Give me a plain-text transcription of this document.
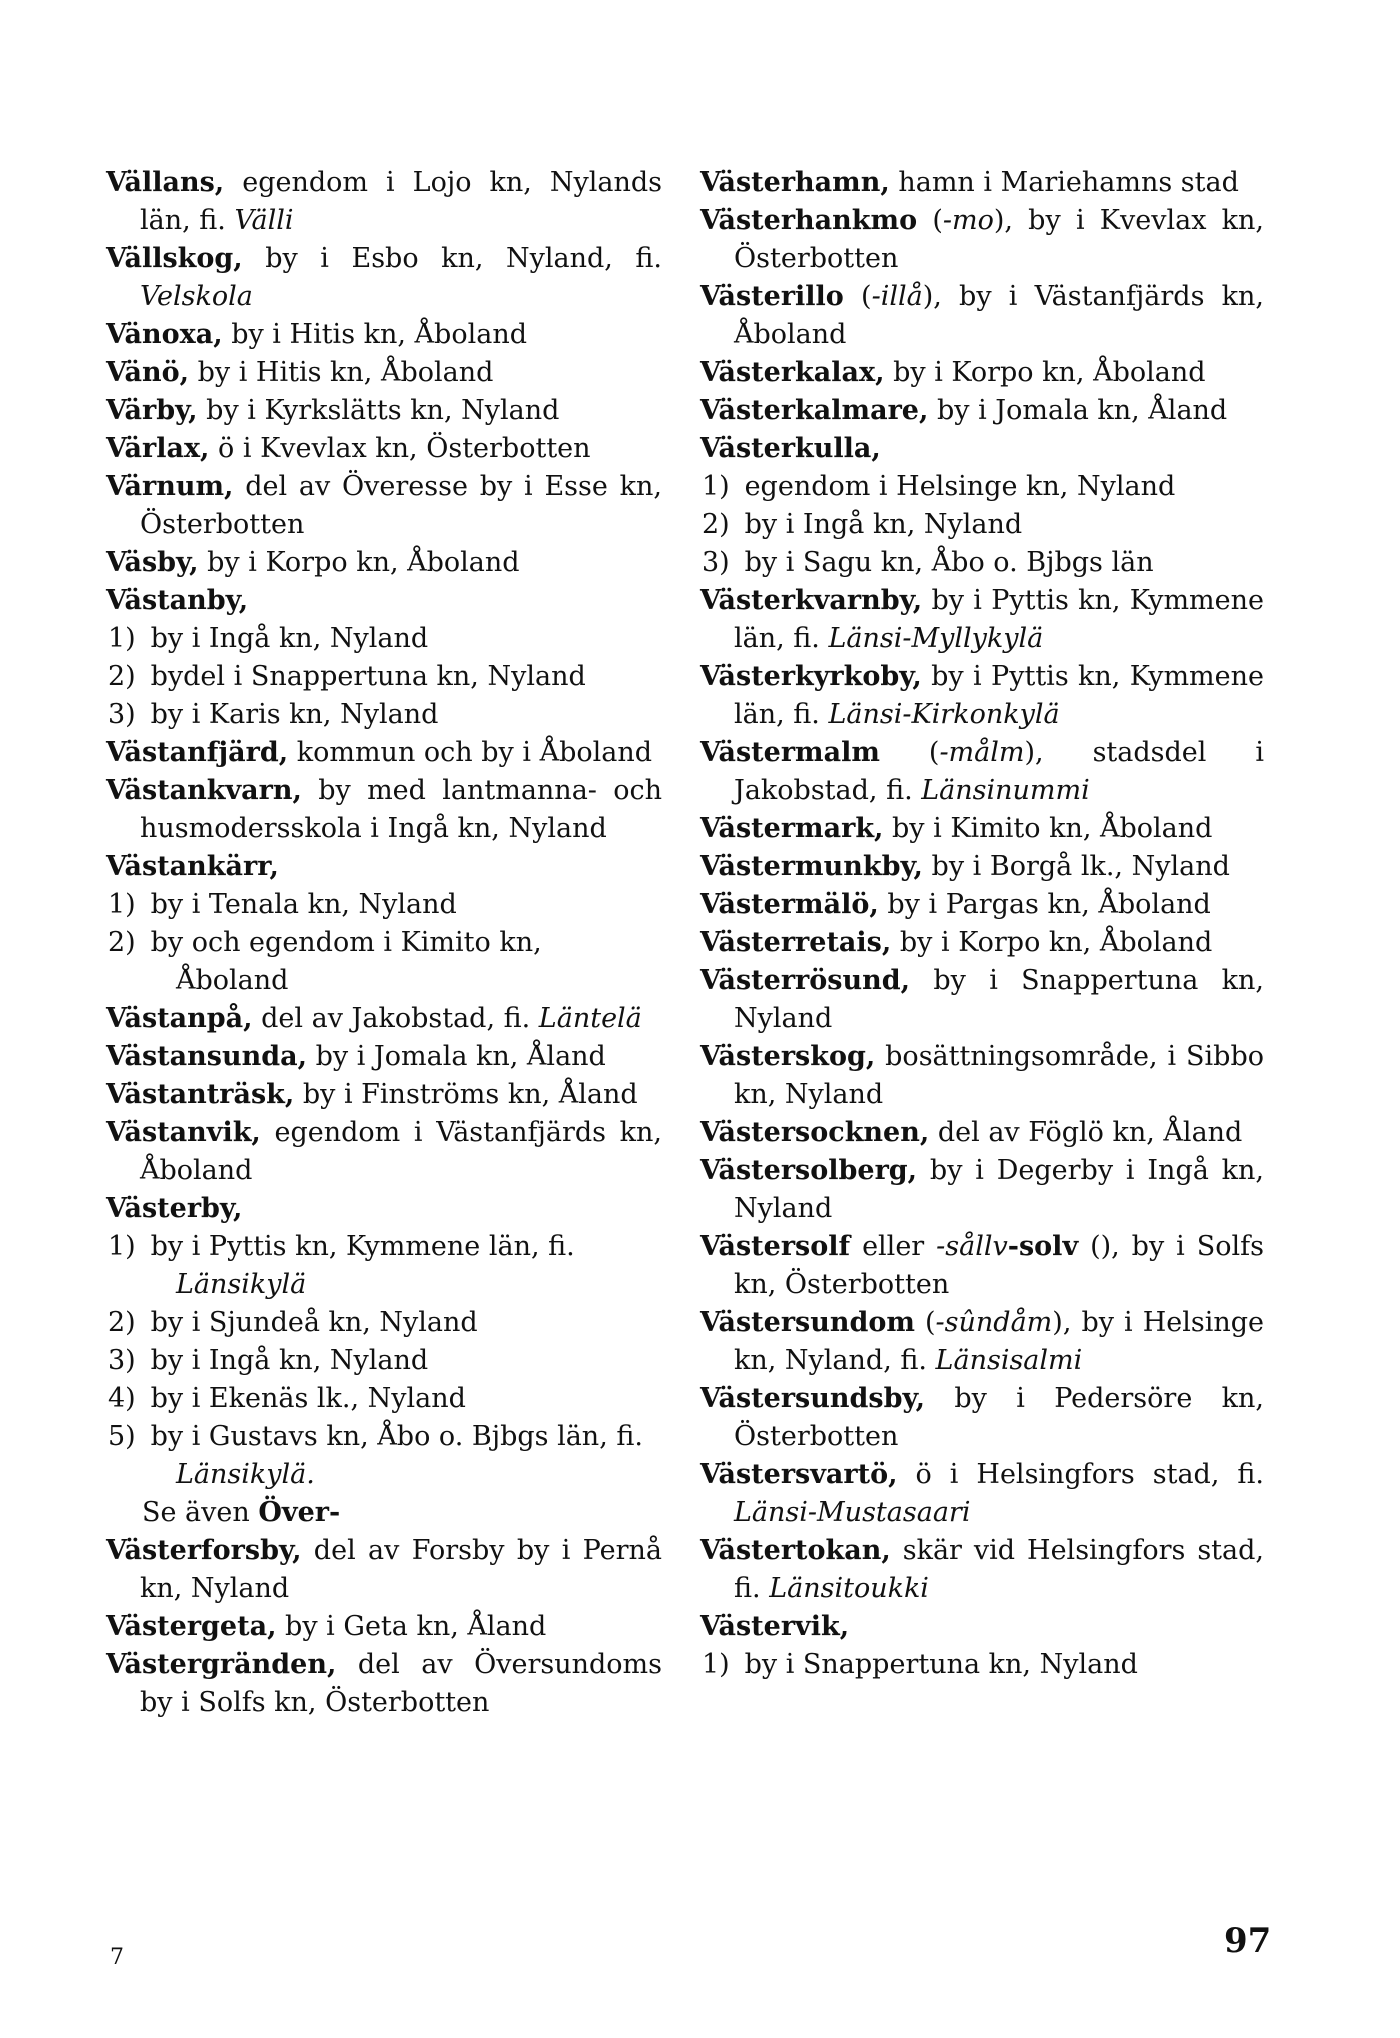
Vällans, egendom i Lojo kn, Nylands län, fi. Välli
Vällskog, by i Esbo kn, Nyland, fi. Velskola
Vänoxa, by i Hitis kn, Åboland
Vänö, by i Hitis kn, Åboland
Värby, by i Kyrkslätts kn, Nyland
Värlax, ö i Kvevlax kn, Österbotten
Värnum, del av Överesse by i Esse kn, Österbotten
Väsby, by i Korpo kn, Åboland
Västanby,
1) by i Ingå kn, Nyland
2) bydel i Snappertuna kn, Nyland
3) by i Karis kn, Nyland
Västanfjärd, kommun och by i Åboland
Västankvarn, by med lantmanna- och husmodersskola i Ingå kn, Nyland
Västankärr,
1) by i Tenala kn, Nyland
2) by och egendom i Kimito kn, Åboland
Västanpå, del av Jakobstad, fi. Läntelä
Västansunda, by i Jomala kn, Åland
Västanträsk, by i Finströms kn, Åland
Västanvik, egendom i Västanfjärds kn, Åboland
Västerby,
1) by i Pyttis kn, Kymmene län, fi. Länsikylä
2) by i Sjundeå kn, Nyland
3) by i Ingå kn, Nyland
4) by i Ekenäs lk., Nyland
5) by i Gustavs kn, Åbo o. Bjbgs län, fi. Länsikylä.
Se även Över-
Västerforsby, del av Forsby by i Pernå kn, Nyland
Västergeta, by i Geta kn, Åland
Västergränden, del av Översundoms by i Solfs kn, Österbotten
Västerhamn, hamn i Mariehamns stad
Västerhankmo (-mo), by i Kvevlax kn, Österbotten
Västerillo (-illå), by i Västanfjärds kn, Åboland
Västerkalax, by i Korpo kn, Åboland
Västerkalmare, by i Jomala kn, Åland
Västerkulla,
1) egendom i Helsinge kn, Nyland
2) by i Ingå kn, Nyland
3) by i Sagu kn, Åbo o. Bjbgs län
Västerkvarnby, by i Pyttis kn, Kymmene län, fi. Länsi-Myllykylä
Västerkyrkoby, by i Pyttis kn, Kymmene län, fi. Länsi-Kirkonkylä
Västermalm (-målm), stadsdel i Jakobstad, fi. Länsinummi
Västermark, by i Kimito kn, Åboland
Västermunkby, by i Borgå lk., Nyland
Västermälö, by i Pargas kn, Åboland
Västerretais, by i Korpo kn, Åboland
Västerrösund, by i Snappertuna kn, Nyland
Västerskog, bosättningsområde, i Sibbo kn, Nyland
Västersocknen, del av Föglö kn, Åland
Västersolberg, by i Degerby i Ingå kn, Nyland
Västersolf eller -sållv-solv (), by i Solfs kn, Österbotten
Västersundom (-sûndåm), by i Helsinge kn, Nyland, fi. Länsisalmi
Västersundsby, by i Pedersöre kn, Österbotten
Västersvartö, ö i Helsingfors stad, fi. Länsi-Mustasaari
Västertokan, skär vid Helsingfors stad, fi. Länsitoukki
Västervik,
1) by i Snappertuna kn, Nyland
7	97
